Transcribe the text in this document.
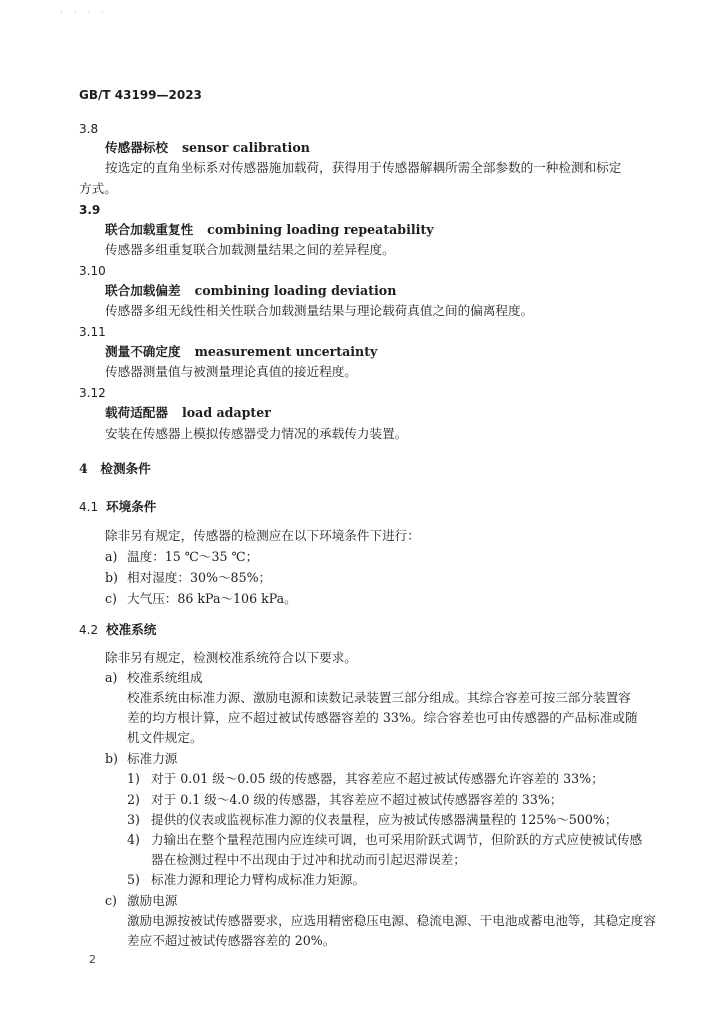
· · · ·
GB/T 43199—2023
3.8
传感器标校 sensor calibration
按选定的直角坐标系对传感器施加载荷，获得用于传感器解耦所需全部参数的一种检测和标定
方式。
3.9
联合加载重复性 combining loading repeatability
传感器多组重复联合加载测量结果之间的差异程度。
3.10
联合加载偏差 combining loading deviation
传感器多组无线性相关性联合加载测量结果与理论载荷真值之间的偏离程度。
3.11
测量不确定度 measurement uncertainty
传感器测量值与被测量理论真值的接近程度。
3.12
载荷适配器 load adapter
安装在传感器上模拟传感器受力情况的承载传力装置。
4　检测条件
4.1 环境条件
除非另有规定，传感器的检测应在以下环境条件下进行：
a) 温度：15 ℃～35 ℃；
b) 相对湿度：30%～85%；
c) 大气压：86 kPa～106 kPa。
4.2 校准系统
除非另有规定，检测校准系统符合以下要求。
a) 校准系统组成
校准系统由标准力源、激励电源和读数记录装置三部分组成。其综合容差可按三部分装置容
差的均方根计算，应不超过被试传感器容差的 33%。综合容差也可由传感器的产品标准或随
机文件规定。
b) 标准力源
1) 对于 0.01 级～0.05 级的传感器，其容差应不超过被试传感器允许容差的 33%；
2) 对于 0.1 级～4.0 级的传感器，其容差应不超过被试传感器容差的 33%；
3) 提供的仪表或监视标准力源的仪表量程，应为被试传感器满量程的 125%～500%；
4) 力输出在整个量程范围内应连续可调，也可采用阶跃式调节，但阶跃的方式应使被试传感
器在检测过程中不出现由于过冲和扰动而引起迟滞误差；
5) 标准力源和理论力臂构成标准力矩源。
c) 激励电源
激励电源按被试传感器要求，应选用精密稳压电源、稳流电源、干电池或蓄电池等，其稳定度容
差应不超过被试传感器容差的 20%。
2
